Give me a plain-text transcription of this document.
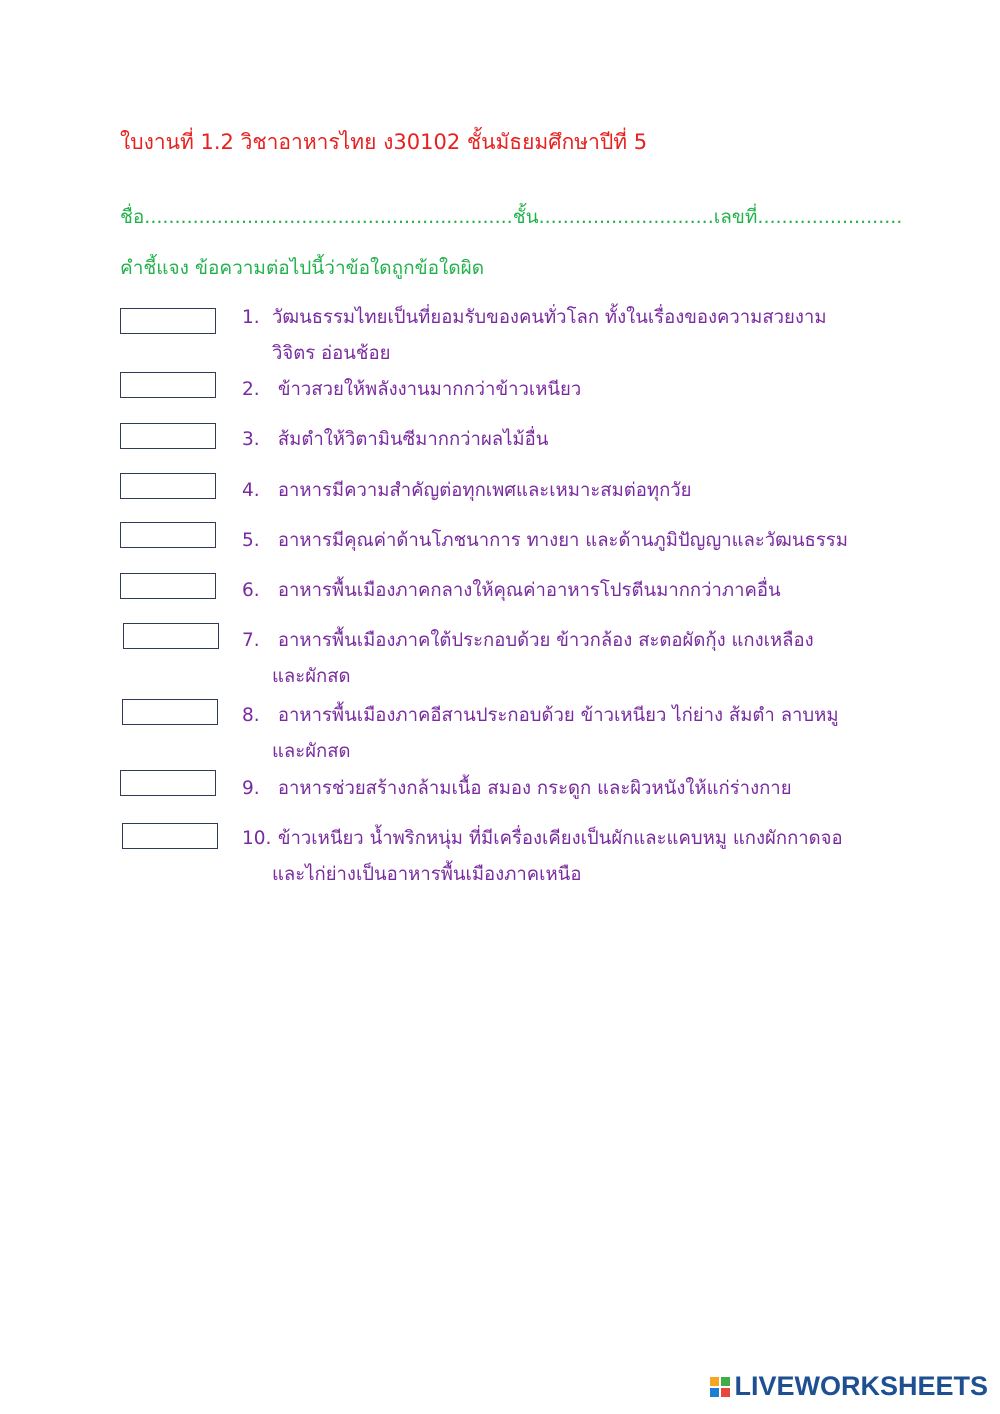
ใบงานที่ 1.2 วิชาอาหารไทย ง30102 ชั้นมัธยมศึกษาปีที่ 5
ชื่อ.............................................................ชั้น.............................เลขที่........................
คำชี้แจง ข้อความต่อไปนี้ว่าข้อใดถูกข้อใดผิด
1. วัฒนธรรมไทยเป็นที่ยอมรับของคนทั่วโลก ทั้งในเรื่องของความสวยงาม
วิจิตร อ่อนช้อย
2. ข้าวสวยให้พลังงานมากกว่าข้าวเหนียว
3. ส้มตำให้วิตามินซีมากกว่าผลไม้อื่น
4. อาหารมีความสำคัญต่อทุกเพศและเหมาะสมต่อทุกวัย
5. อาหารมีคุณค่าด้านโภชนาการ ทางยา และด้านภูมิปัญญาและวัฒนธรรม
6. อาหารพื้นเมืองภาคกลางให้คุณค่าอาหารโปรตีนมากกว่าภาคอื่น
7. อาหารพื้นเมืองภาคใต้ประกอบด้วย ข้าวกล้อง สะตอผัดกุ้ง แกงเหลือง
และผักสด
8. อาหารพื้นเมืองภาคอีสานประกอบด้วย ข้าวเหนียว ไก่ย่าง ส้มตำ ลาบหมู
และผักสด
9. อาหารช่วยสร้างกล้ามเนื้อ สมอง กระดูก และผิวหนังให้แก่ร่างกาย
10. ข้าวเหนียว น้ำพริกหนุ่ม ที่มีเครื่องเคียงเป็นผักและแคบหมู แกงผักกาดจอ
และไก่ย่างเป็นอาหารพื้นเมืองภาคเหนือ
LIVEWORKSHEETS
